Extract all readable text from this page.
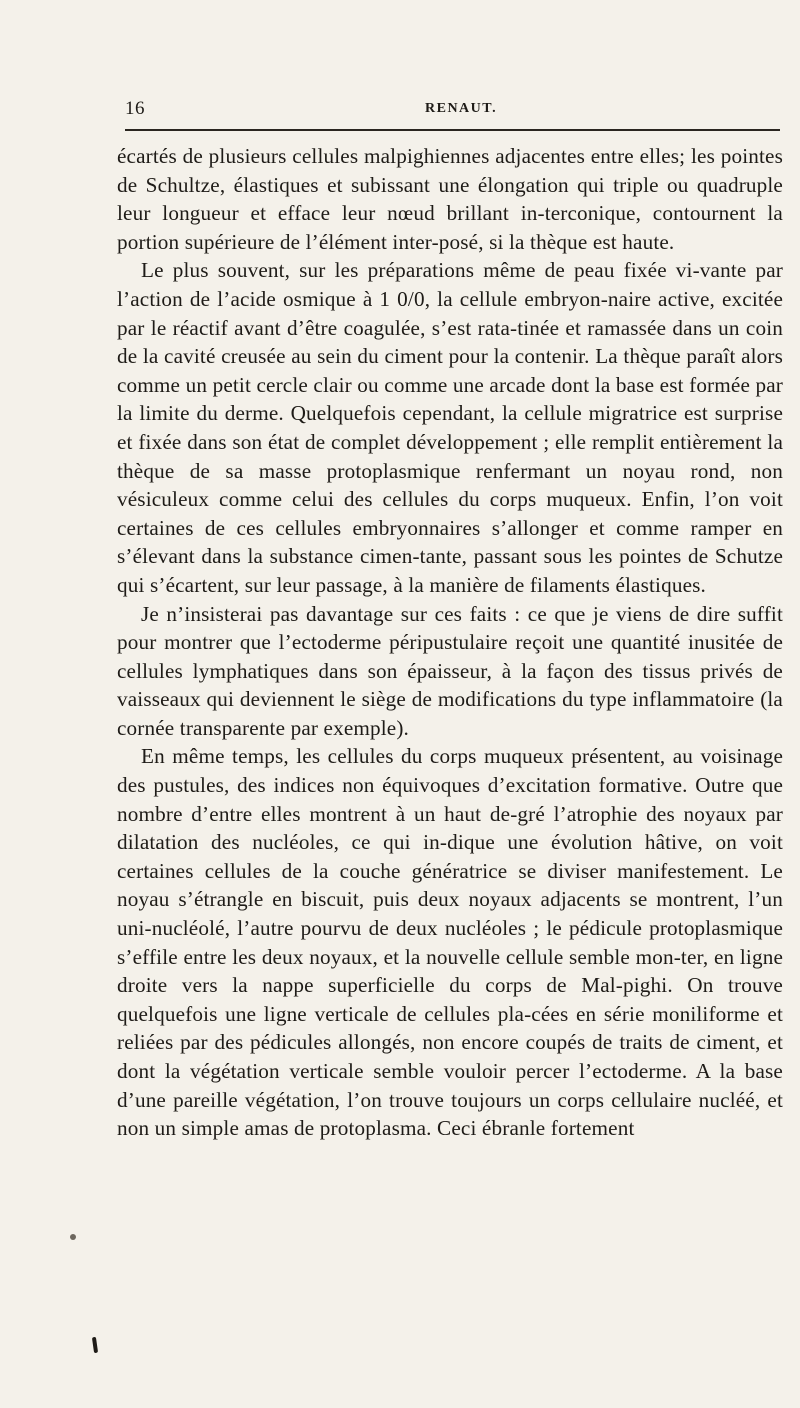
16	RENAUT.

écartés de plusieurs cellules malpighiennes adjacentes entre elles; les pointes de Schultze, élastiques et subissant une élongation qui triple ou quadruple leur longueur et efface leur nœud brillant in-terconique, contournent la portion supérieure de l’élément inter-posé, si la thèque est haute.

Le plus souvent, sur les préparations même de peau fixée vi-vante par l’action de l’acide osmique à 1 0/0, la cellule embryon-naire active, excitée par le réactif avant d’être coagulée, s’est rata-tinée et ramassée dans un coin de la cavité creusée au sein du ciment pour la contenir. La thèque paraît alors comme un petit cercle clair ou comme une arcade dont la base est formée par la limite du derme. Quelquefois cependant, la cellule migratrice est surprise et fixée dans son état de complet développement ; elle remplit entièrement la thèque de sa masse protoplasmique renfermant un noyau rond, non vésiculeux comme celui des cellules du corps muqueux. Enfin, l’on voit certaines de ces cellules embryonnaires s’allonger et comme ramper en s’élevant dans la substance cimen-tante, passant sous les pointes de Schutze qui s’écartent, sur leur passage, à la manière de filaments élastiques.

Je n’insisterai pas davantage sur ces faits : ce que je viens de dire suffit pour montrer que l’ectoderme péripustulaire reçoit une quantité inusitée de cellules lymphatiques dans son épaisseur, à la façon des tissus privés de vaisseaux qui deviennent le siège de modifications du type inflammatoire (la cornée transparente par exemple).

En même temps, les cellules du corps muqueux présentent, au voisinage des pustules, des indices non équivoques d’excitation formative. Outre que nombre d’entre elles montrent à un haut de-gré l’atrophie des noyaux par dilatation des nucléoles, ce qui in-dique une évolution hâtive, on voit certaines cellules de la couche génératrice se diviser manifestement. Le noyau s’étrangle en biscuit, puis deux noyaux adjacents se montrent, l’un uni-nucléolé, l’autre pourvu de deux nucléoles ; le pédicule protoplasmique s’effile entre les deux noyaux, et la nouvelle cellule semble mon-ter, en ligne droite vers la nappe superficielle du corps de Mal-pighi. On trouve quelquefois une ligne verticale de cellules pla-cées en série moniliforme et reliées par des pédicules allongés, non encore coupés de traits de ciment, et dont la végétation verticale semble vouloir percer l’ectoderme. A la base d’une pareille végétation, l’on trouve toujours un corps cellulaire nucléé, et non un simple amas de protoplasma. Ceci ébranle fortement
